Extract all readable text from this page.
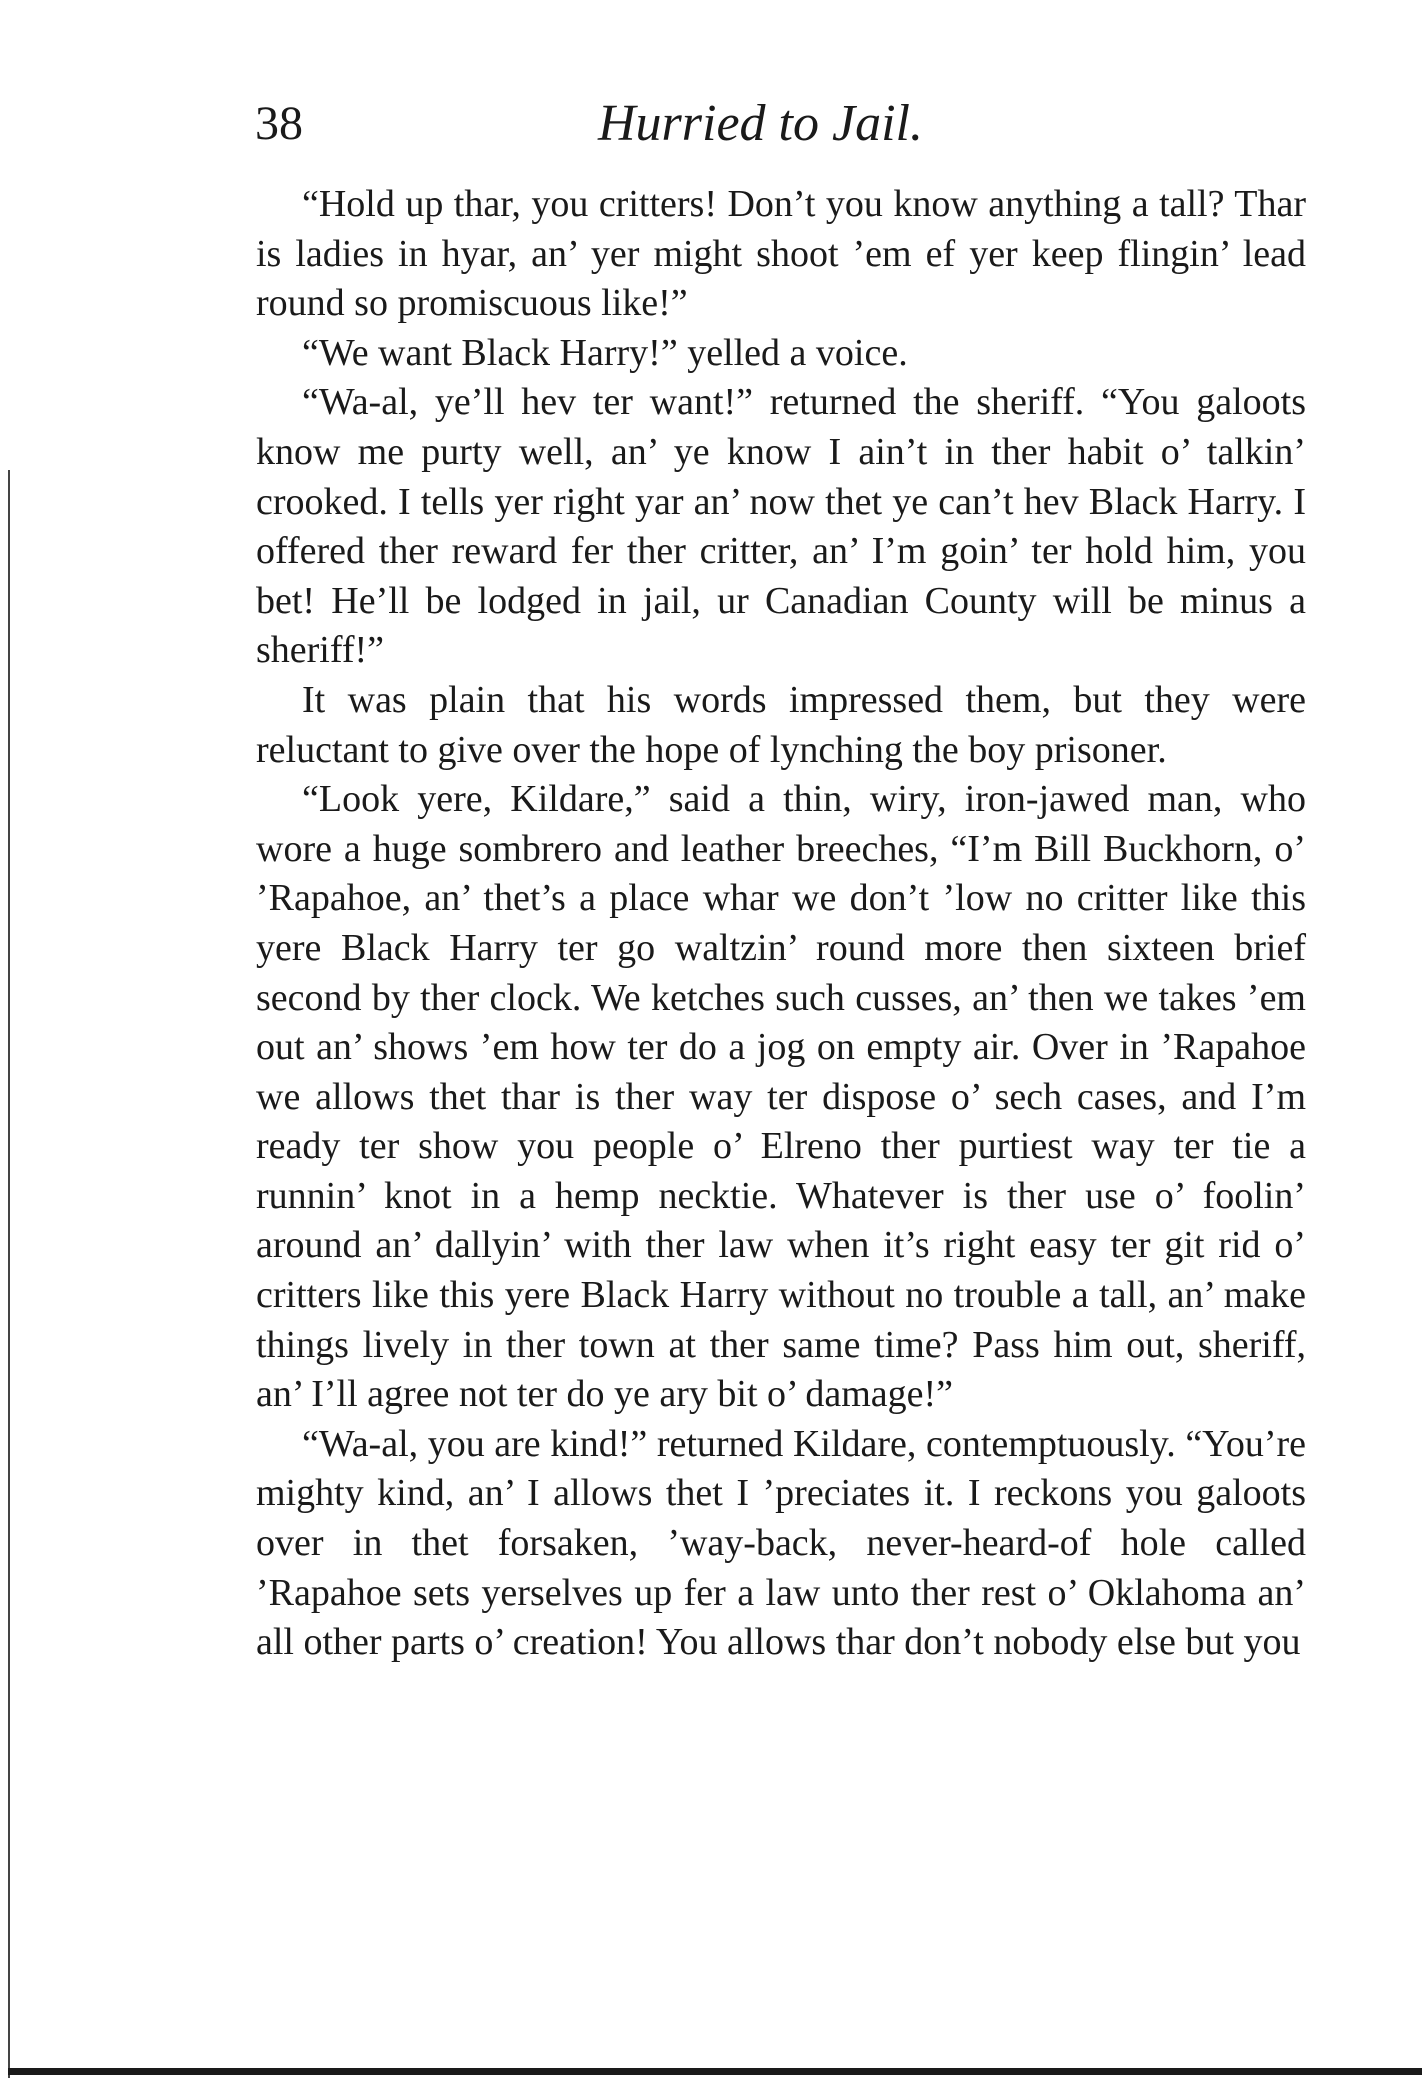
38	Hurried to Jail.

“Hold up thar, you critters! Don’t you know anything a tall? Thar is ladies in hyar, an’ yer might shoot ’em ef yer keep flingin’ lead round so promiscuous like!”

“We want Black Harry!” yelled a voice.

“Wa-al, ye’ll hev ter want!” returned the sheriff. “You galoots know me purty well, an’ ye know I ain’t in ther habit o’ talkin’ crooked. I tells yer right yar an’ now thet ye can’t hev Black Harry. I offered ther reward fer ther critter, an’ I’m goin’ ter hold him, you bet! He’ll be lodged in jail, ur Canadian County will be minus a sheriff!”

It was plain that his words impressed them, but they were reluctant to give over the hope of lynching the boy prisoner.

“Look yere, Kildare,” said a thin, wiry, iron-jawed man, who wore a huge sombrero and leather breeches, “I’m Bill Buckhorn, o’ ’Rapahoe, an’ thet’s a place whar we don’t ’low no critter like this yere Black Harry ter go waltzin’ round more then sixteen brief second by ther clock. We ketches such cusses, an’ then we takes ’em out an’ shows ’em how ter do a jog on empty air. Over in ’Rapahoe we allows thet thar is ther way ter dispose o’ sech cases, and I’m ready ter show you people o’ Elreno ther purtiest way ter tie a runnin’ knot in a hemp necktie. Whatever is ther use o’ foolin’ around an’ dallyin’ with ther law when it’s right easy ter git rid o’ critters like this yere Black Harry without no trouble a tall, an’ make things lively in ther town at ther same time? Pass him out, sheriff, an’ I’ll agree not ter do ye ary bit o’ damage!”

“Wa-al, you are kind!” returned Kildare, contemptuously. “You’re mighty kind, an’ I allows thet I ’preciates it. I reckons you galoots over in thet forsaken, ’way-back, never-heard-of hole called ’Rapahoe sets yerselves up fer a law unto ther rest o’ Oklahoma an’ all other parts o’ creation! You allows thar don’t nobody else but you
